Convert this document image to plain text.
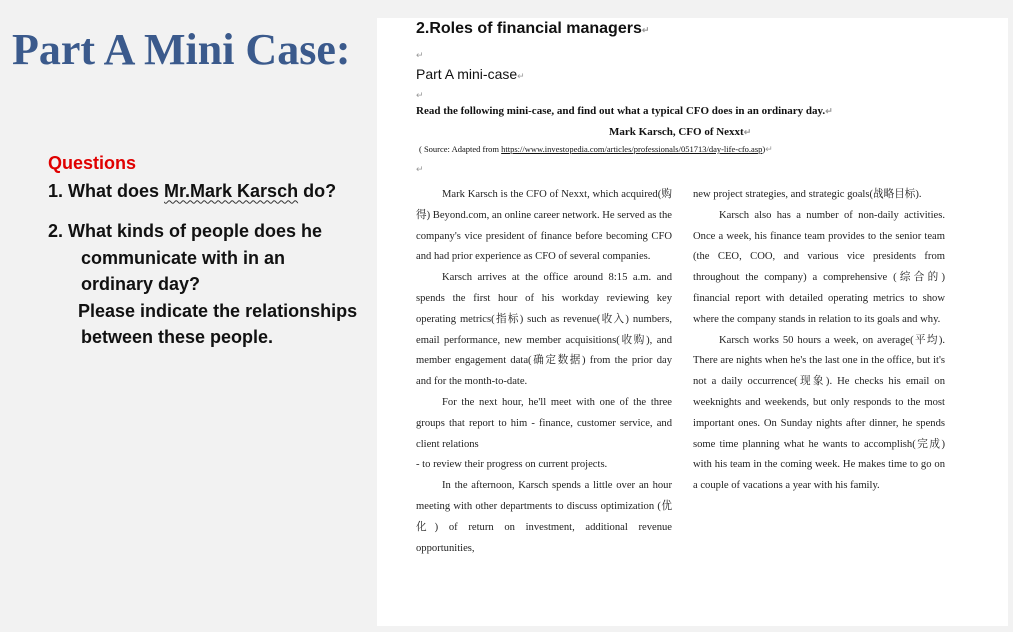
Part A Mini Case:
Questions
1. What does Mr.Mark Karsch do?
2. What kinds of people does he
communicate with in an
ordinary day?
Please indicate the relationships
between these people.
2.Roles of financial managers↵
↵
Part A mini-case↵
↵
Read the following mini-case, and find out what a typical CFO does in an ordinary day.↵
Mark Karsch, CFO of Nexxt↵
( Source: Adapted from https://www.investopedia.com/articles/professionals/051713/day-life-cfo.asp)↵
↵

Mark Karsch is the CFO of Nexxt, which acquired(购得) Beyond.com, an online career network. He served as the company's vice president of finance before becoming CFO and had prior experience as CFO of several companies.

Karsch arrives at the office around 8:15 a.m. and spends the first hour of his workday reviewing key operating metrics(指标) such as revenue(收入) numbers, email performance, new member acquisitions(收购), and member engagement data(确定数据) from the prior day and for the month-to-date.

For the next hour, he'll meet with one of the three groups that report to him - finance, customer service, and client relations

- to review their progress on current projects.

In the afternoon, Karsch spends a little over an hour meeting with other departments to discuss optimization (优化) of return on investment, additional revenue opportunities,

new project strategies, and strategic goals(战略目标).

Karsch also has a number of non-daily activities. Once a week, his finance team provides to the senior team (the CEO, COO, and various vice presidents from throughout the company) a comprehensive (综合的) financial report with detailed operating metrics to show where the company stands in relation to its goals and why.

Karsch works 50 hours a week, on average(平均). There are nights when he's the last one in the office, but it's not a daily occurrence(现象). He checks his email on weeknights and weekends, but only responds to the most important ones. On Sunday nights after dinner, he spends some time planning what he wants to accomplish(完成) with his team in the coming week. He makes time to go on a couple of vacations a year with his family.
